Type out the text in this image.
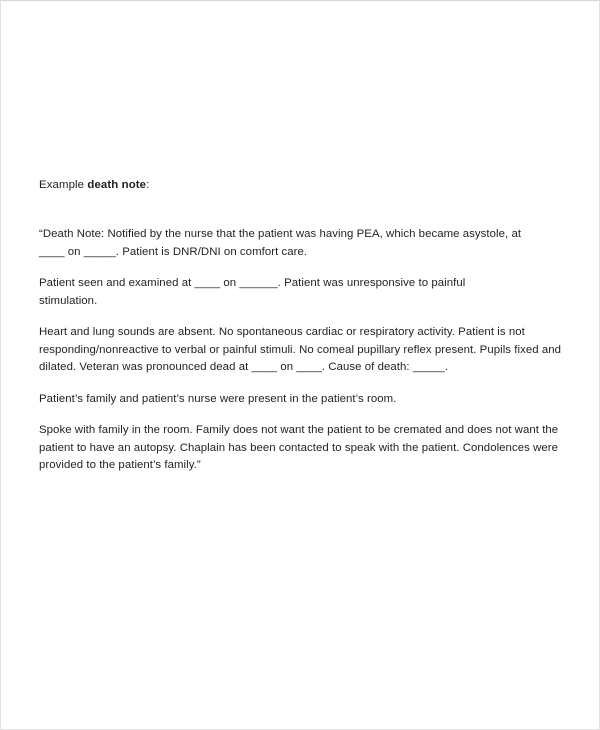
Example death note:

“Death Note: Notified by the nurse that the patient was having PEA, which became asystole, at ____ on _____. Patient is DNR/DNI on comfort care.

Patient seen and examined at ____ on ______. Patient was unresponsive to painful stimulation.

Heart and lung sounds are absent. No spontaneous cardiac or respiratory activity. Patient is not responding/nonreactive to verbal or painful stimuli. No comeal pupillary reflex present. Pupils fixed and dilated. Veteran was pronounced dead at ____ on ____. Cause of death: _____.

Patient’s family and patient’s nurse were present in the patient’s room.

Spoke with family in the room. Family does not want the patient to be cremated and does not want the patient to have an autopsy. Chaplain has been contacted to speak with the patient. Condolences were provided to the patient’s family.”
